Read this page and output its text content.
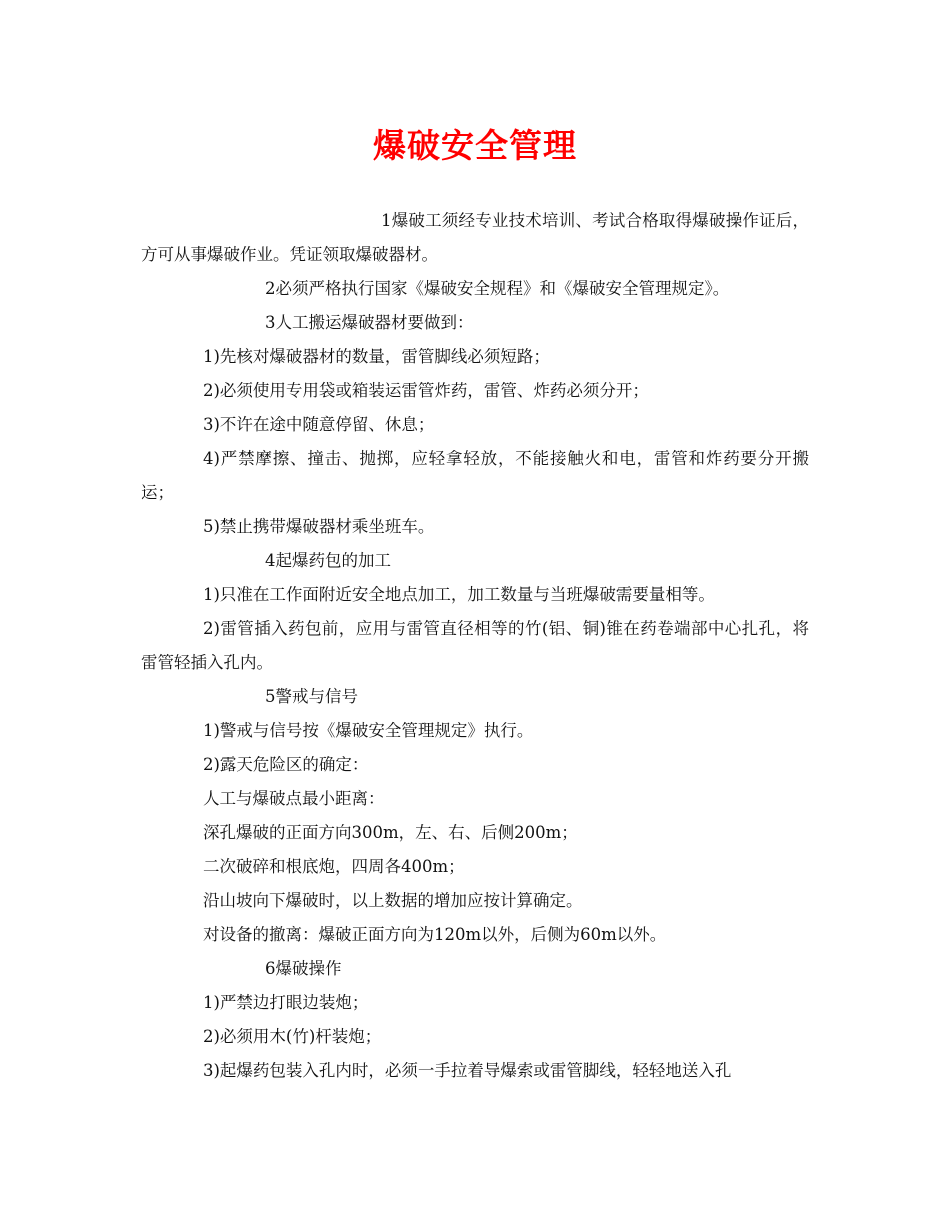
爆破安全管理

1爆破工须经专业技术培训、考试合格取得爆破操作证后，方可从事爆破作业。凭证领取爆破器材。

2必须严格执行国家《爆破安全规程》和《爆破安全管理规定》。

3人工搬运爆破器材要做到：

1)先核对爆破器材的数量，雷管脚线必须短路；

2)必须使用专用袋或箱装运雷管炸药，雷管、炸药必须分开；

3)不许在途中随意停留、休息；

4)严禁摩擦、撞击、抛掷，应轻拿轻放，不能接触火和电，雷管和炸药要分开搬运；

5)禁止携带爆破器材乘坐班车。

4起爆药包的加工

1)只准在工作面附近安全地点加工，加工数量与当班爆破需要量相等。

2)雷管插入药包前，应用与雷管直径相等的竹(铝、铜)锥在药卷端部中心扎孔，将雷管轻插入孔内。

5警戒与信号

1)警戒与信号按《爆破安全管理规定》执行。

2)露天危险区的确定：

人工与爆破点最小距离：

深孔爆破的正面方向300m，左、右、后侧200m；

二次破碎和根底炮，四周各400m；

沿山坡向下爆破时，以上数据的增加应按计算确定。

对设备的撤离：爆破正面方向为120m以外，后侧为60m以外。

6爆破操作

1)严禁边打眼边装炮；

2)必须用木(竹)杆装炮；

3)起爆药包装入孔内时，必须一手拉着导爆索或雷管脚线，轻轻地送入孔
